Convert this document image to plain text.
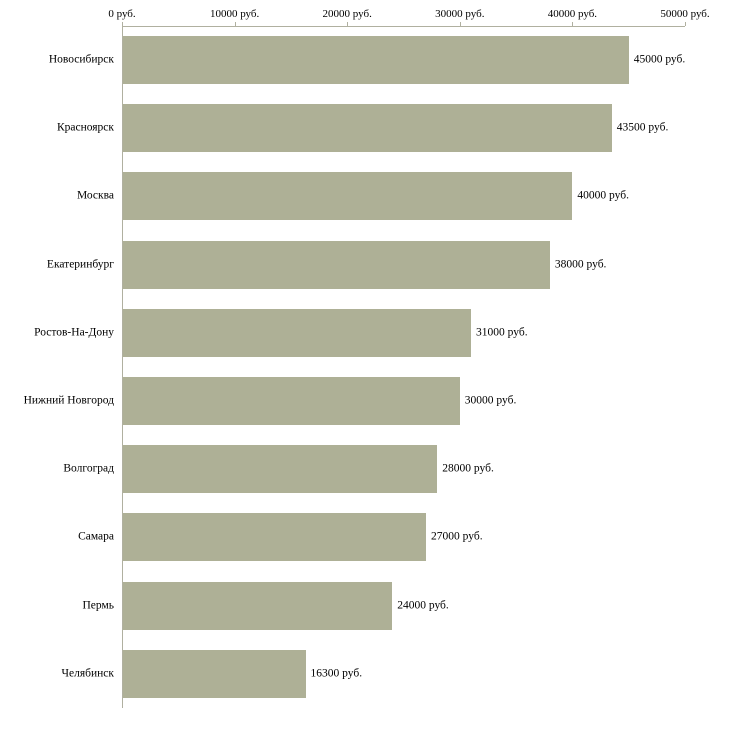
0 руб.	10000 руб.	20000 руб.	30000 руб.	40000 руб.	50000 руб.
Новосибирск	45000 руб.
Красноярск	43500 руб.
Москва	40000 руб.
Екатеринбург	38000 руб.
Ростов-На-Дону	31000 руб.
Нижний Новгород	30000 руб.
Волгоград	28000 руб.
Самара	27000 руб.
Пермь	24000 руб.
Челябинск	16300 руб.
